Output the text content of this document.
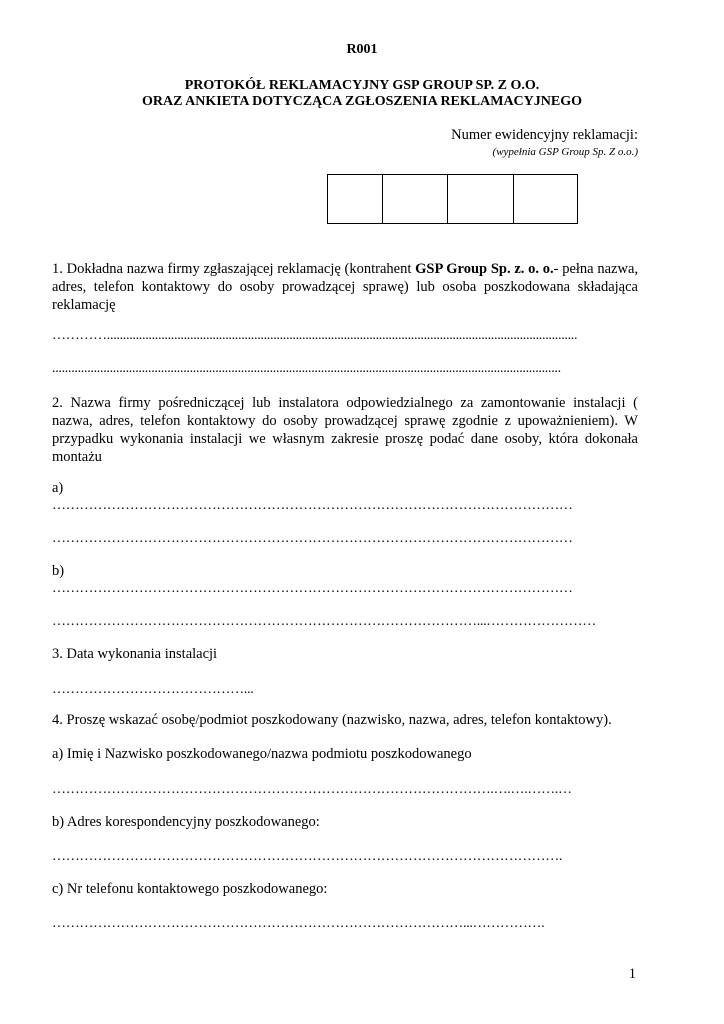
R001
PROTOKÓŁ REKLAMACYJNY GSP GROUP SP. Z O.O.
ORAZ ANKIETA DOTYCZĄCA ZGŁOSZENIA REKLAMACYJNEGO
Numer ewidencyjny reklamacji:
(wypełnia GSP Group Sp. Z o.o.)
1. Dokładna nazwa firmy zgłaszającej reklamację (kontrahent GSP Group Sp. z. o. o.- pełna nazwa, adres, telefon kontaktowy do osoby prowadzącej sprawę) lub osoba poszkodowana składająca reklamację
…………...................................................................................................................................................
...............................................................................................................................................................
2. Nazwa firmy pośredniczącej lub instalatora odpowiedzialnego za zamontowanie instalacji ( nazwa, adres, telefon kontaktowy do osoby prowadzącej sprawę zgodnie z upoważnieniem). W przypadku wykonania instalacji we własnym zakresie proszę podać dane osoby, która dokonała montażu
a)
……………………………………………………………………………………………………
……………………………………………………………………………………………………
b)
……………………………………………………………………………………………………
…………………………………………………………………………………...……………………
3. Data wykonania instalacji
……………………………………...
4. Proszę wskazać osobę/podmiot poszkodowany (nazwisko, nazwa, adres, telefon kontaktowy).
a) Imię i Nazwisko poszkodowanego/nazwa podmiotu poszkodowanego
…………………………………………………………………………………….….….…….…
b) Adres korespondencyjny poszkodowanego:
………………………………………………………………………………………………….
c) Nr telefonu kontaktowego poszkodowanego:
………………………………………………………………………………...…………….
1
